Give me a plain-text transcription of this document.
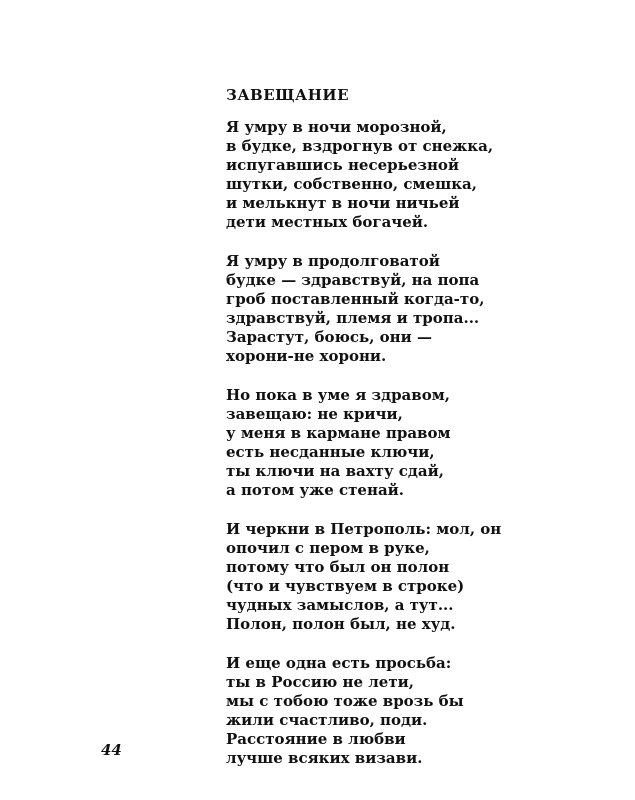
ЗАВЕЩАНИЕ
Я умру в ночи морозной,
в будке, вздрогнув от снежка,
испугавшись несерьезной
шутки, собственно, смешка,
и мелькнут в ночи ничьей
дети местных богачей.
Я умру в продолговатой
будке — здравствуй, на попа
гроб поставленный когда-то,
здравствуй, племя и тропа...
Зарастут, боюсь, они —
хорони-не хорони.
Но пока в уме я здравом,
завещаю: не кричи,
у меня в кармане правом
есть несданные ключи,
ты ключи на вахту сдай,
а потом уже стенай.
И черкни в Петрополь: мол, он
опочил с пером в руке,
потому что был он полон
(что и чувствуем в строке)
чудных замыслов, а тут...
Полон, полон был, не худ.
И еще одна есть просьба:
ты в Россию не лети,
мы с тобою тоже врозь бы
жили счастливо, поди.
Расстояние в любви
лучше всяких визави.
44
